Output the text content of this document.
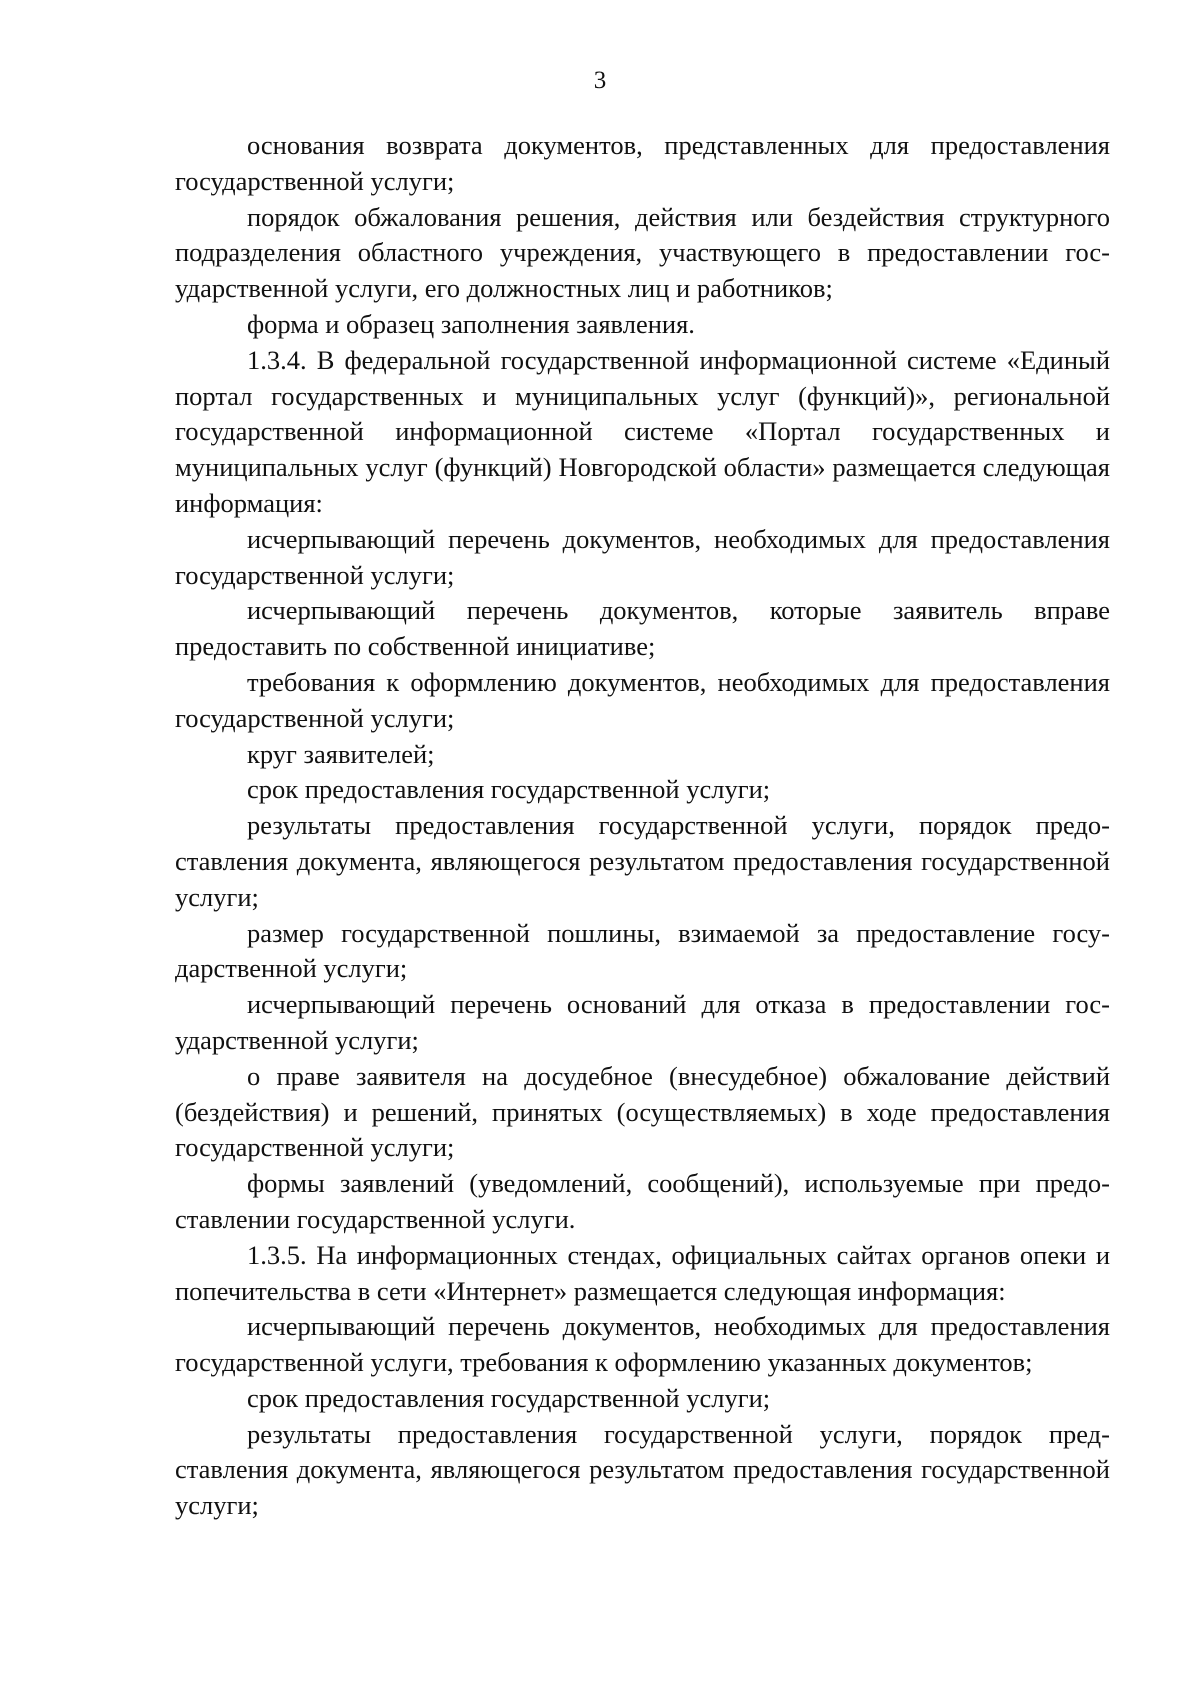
3

основания возврата документов, представленных для предоставления государственной услуги;

порядок обжалования решения, действия или бездействия структурного подразделения областного учреждения, участвующего в предоставлении государственной услуги, его должностных лиц и работников;

форма и образец заполнения заявления.

1.3.4. В федеральной государственной информационной системе «Единый портал государственных и муниципальных услуг (функций)», региональной государственной информационной системе «Портал государственных и муниципальных услуг (функций) Новгородской области» размещается следующая информация:

исчерпывающий перечень документов, необходимых для предоставления государственной услуги;

исчерпывающий перечень документов, которые заявитель вправе предоставить по собственной инициативе;

требования к оформлению документов, необходимых для предоставления государственной услуги;

круг заявителей;

срок предоставления государственной услуги;

результаты предоставления государственной услуги, порядок предоставления документа, являющегося результатом предоставления государственной услуги;

размер государственной пошлины, взимаемой за предоставление государственной услуги;

исчерпывающий перечень оснований для отказа в предоставлении государственной услуги;

о праве заявителя на досудебное (внесудебное) обжалование действий (бездействия) и решений, принятых (осуществляемых) в ходе предоставления государственной услуги;

формы заявлений (уведомлений, сообщений), используемые при предоставлении государственной услуги.

1.3.5. На информационных стендах, официальных сайтах органов опеки и попечительства в сети «Интернет» размещается следующая информация:

исчерпывающий перечень документов, необходимых для предоставления государственной услуги, требования к оформлению указанных документов;

срок предоставления государственной услуги;

результаты предоставления государственной услуги, порядок представления документа, являющегося результатом предоставления государственной услуги;
